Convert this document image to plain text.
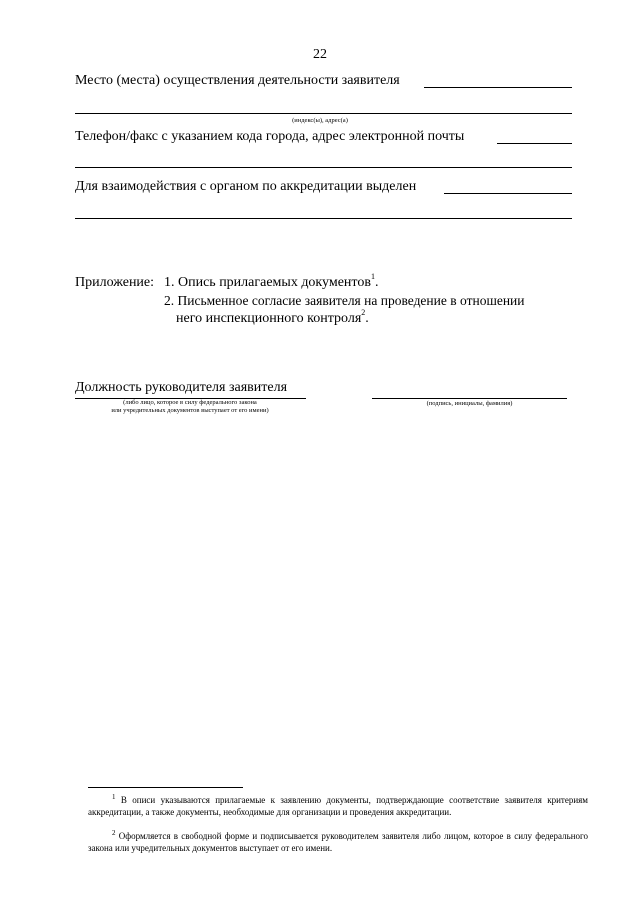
22
Место (места) осуществления деятельности заявителя
(индекс(ы), адрес(а)
Телефон/факс с указанием кода города, адрес электронной почты
Для взаимодействия с органом по аккредитации выделен
Приложение: 1. Опись прилагаемых документов$^1$.
2. Письменное согласие заявителя на проведение в отношении
него инспекционного контроля$^2$.
Должность руководителя заявителя
(либо лицо, которое в силу федерального закона
или учредительных документов выступает от его имени)
(подпись, инициалы, фамилия)
$^1$ В описи указываются прилагаемые к заявлению документы, подтверждающие соответствие заявителя критериям аккредитации, а также документы, необходимые для организации и проведения аккредитации.
$^2$ Оформляется в свободной форме и подписывается руководителем заявителя либо лицом, которое в силу федерального закона или учредительных документов выступает от его имени.
